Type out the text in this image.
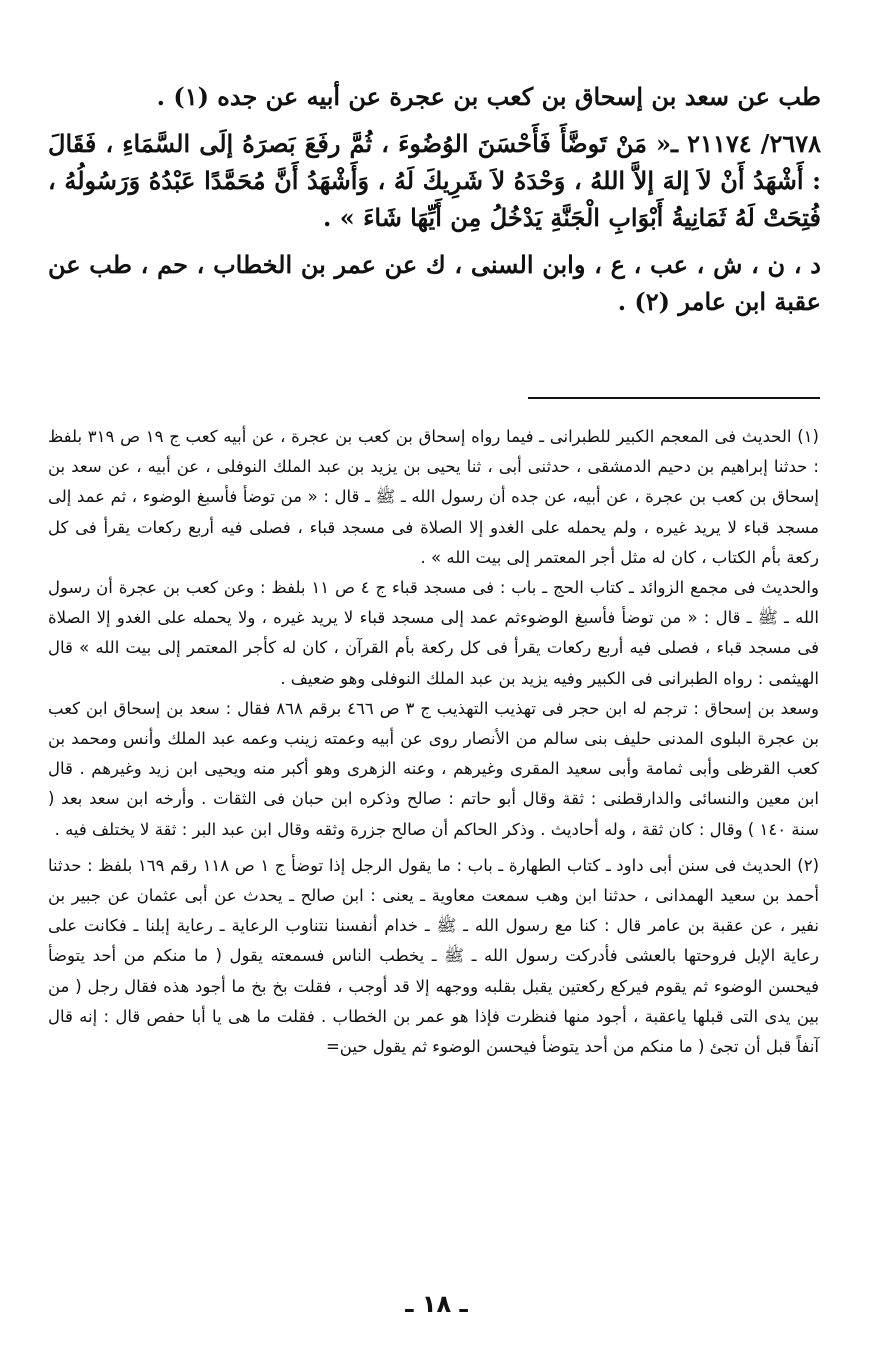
طب عن سعد بن إسحاق بن كعب بن عجرة عن أبيه عن جده (١) .

٢٦٧٨/ ٢١١٧٤ ـ« مَنْ تَوضَّأَ فَأَحْسَنَ الوُضُوءَ ، ثُمَّ رفَعَ بَصرَهُ إلَى السَّمَاءِ ، فَقَالَ : أَشْهَدُ أَنْ لاَ إلهَ إلاَّ اللهُ ، وَحْدَهُ لاَ شَرِيكَ لَهُ ، وَأَشْهَدُ أَنَّ مُحَمَّدًا عَبْدُهُ وَرَسُولُهُ ، فُتِحَتْ لَهُ ثَمَانِيةُ أَبْوَابِ الْجَنَّةِ يَدْخُلُ مِن أَيِّهَا شَاءَ » .

د ، ن ، ش ، عب ، ع ، وابن السنى ، ك عن عمر بن الخطاب ، حم ، طب عن عقبة ابن عامر (٢) .

(١) الحديث فى المعجم الكبير للطبرانى ـ فيما رواه إسحاق بن كعب بن عجرة ، عن أبيه كعب ج ١٩ ص ٣١٩ بلفظ : حدثنا إبراهيم بن دحيم الدمشقى ، حدثنى أبى ، ثنا يحيى بن يزيد بن عبد الملك النوفلى ، عن أبيه ، عن سعد بن إسحاق بن كعب بن عجرة ، عن أبيه، عن جده أن رسول الله ـ ﷺ ـ قال : « من توضأ فأسبغ الوضوء ، ثم عمد إلى مسجد قباء لا يريد غيره ، ولم يحمله على الغدو إلا الصلاة فى مسجد قباء ، فصلى فيه أربع ركعات يقرأ فى كل ركعة بأم الكتاب ، كان له مثل أجر المعتمر إلى بيت الله » .

والحديث فى مجمع الزوائد ـ كتاب الحج ـ باب : فى مسجد قباء ج ٤ ص ١١ بلفظ : وعن كعب بن عجرة أن رسول الله ـ ﷺ ـ قال : « من توضأ فأسبغ الوضوءثم عمد إلى مسجد قباء لا يريد غيره ، ولا يحمله على الغدو إلا الصلاة فى مسجد قباء ، فصلى فيه أربع ركعات يقرأ فى كل ركعة بأم القرآن ، كان له كأجر المعتمر إلى بيت الله » قال الهيثمى : رواه الطبرانى فى الكبير وفيه يزيد بن عبد الملك النوفلى وهو ضعيف .

وسعد بن إسحاق : ترجم له ابن حجر فى تهذيب التهذيب ج ٣ ص ٤٦٦ برقم ٨٦٨ فقال : سعد بن إسحاق ابن كعب بن عجرة البلوى المدنى حليف بنى سالم من الأنصار روى عن أبيه وعمته زينب وعمه عبد الملك وأنس ومحمد بن كعب القرظى وأبى ثمامة وأبى سعيد المقرى وغيرهم ، وعنه الزهرى وهو أكبر منه ويحيى ابن زيد وغيرهم . قال ابن معين والنسائى والدارقطنى : ثقة وقال أبو حاتم : صالح وذكره ابن حبان فى الثقات . وأرخه ابن سعد بعد ( سنة ١٤٠ ) وقال : كان ثقة ، وله أحاديث . وذكر الحاكم أن صالح جزرة وثقه وقال ابن عبد البر : ثقة لا يختلف فيه .

(٢) الحديث فى سنن أبى داود ـ كتاب الطهارة ـ باب : ما يقول الرجل إذا توضأ ج ١ ص ١١٨ رقم ١٦٩ بلفظ : حدثنا أحمد بن سعيد الهمدانى ، حدثنا ابن وهب سمعت معاوية ـ يعنى : ابن صالح ـ يحدث عن أبى عثمان عن جبير بن نفير ، عن عقبة بن عامر قال : كنا مع رسول الله ـ ﷺ ـ خدام أنفسنا نتناوب الرعاية ـ رعاية إبلنا ـ فكانت على رعاية الإبل فروحتها بالعشى فأدركت رسول الله ـ ﷺ ـ يخطب الناس فسمعته يقول ( ما منكم من أحد يتوضأ فيحسن الوضوء ثم يقوم فيركع ركعتين يقبل بقلبه ووجهه إلا قد أوجب ، فقلت بخ بخ ما أجود هذه فقال رجل ( من بين يدى التى قبلها ياعقبة ، أجود منها فنظرت فإذا هو عمر بن الخطاب . فقلت ما هى يا أبا حفص قال : إنه قال آنفاً قبل أن تجئ ( ما منكم من أحد يتوضأ فيحسن الوضوء ثم يقول حين=

ـ ١٨ ـ
